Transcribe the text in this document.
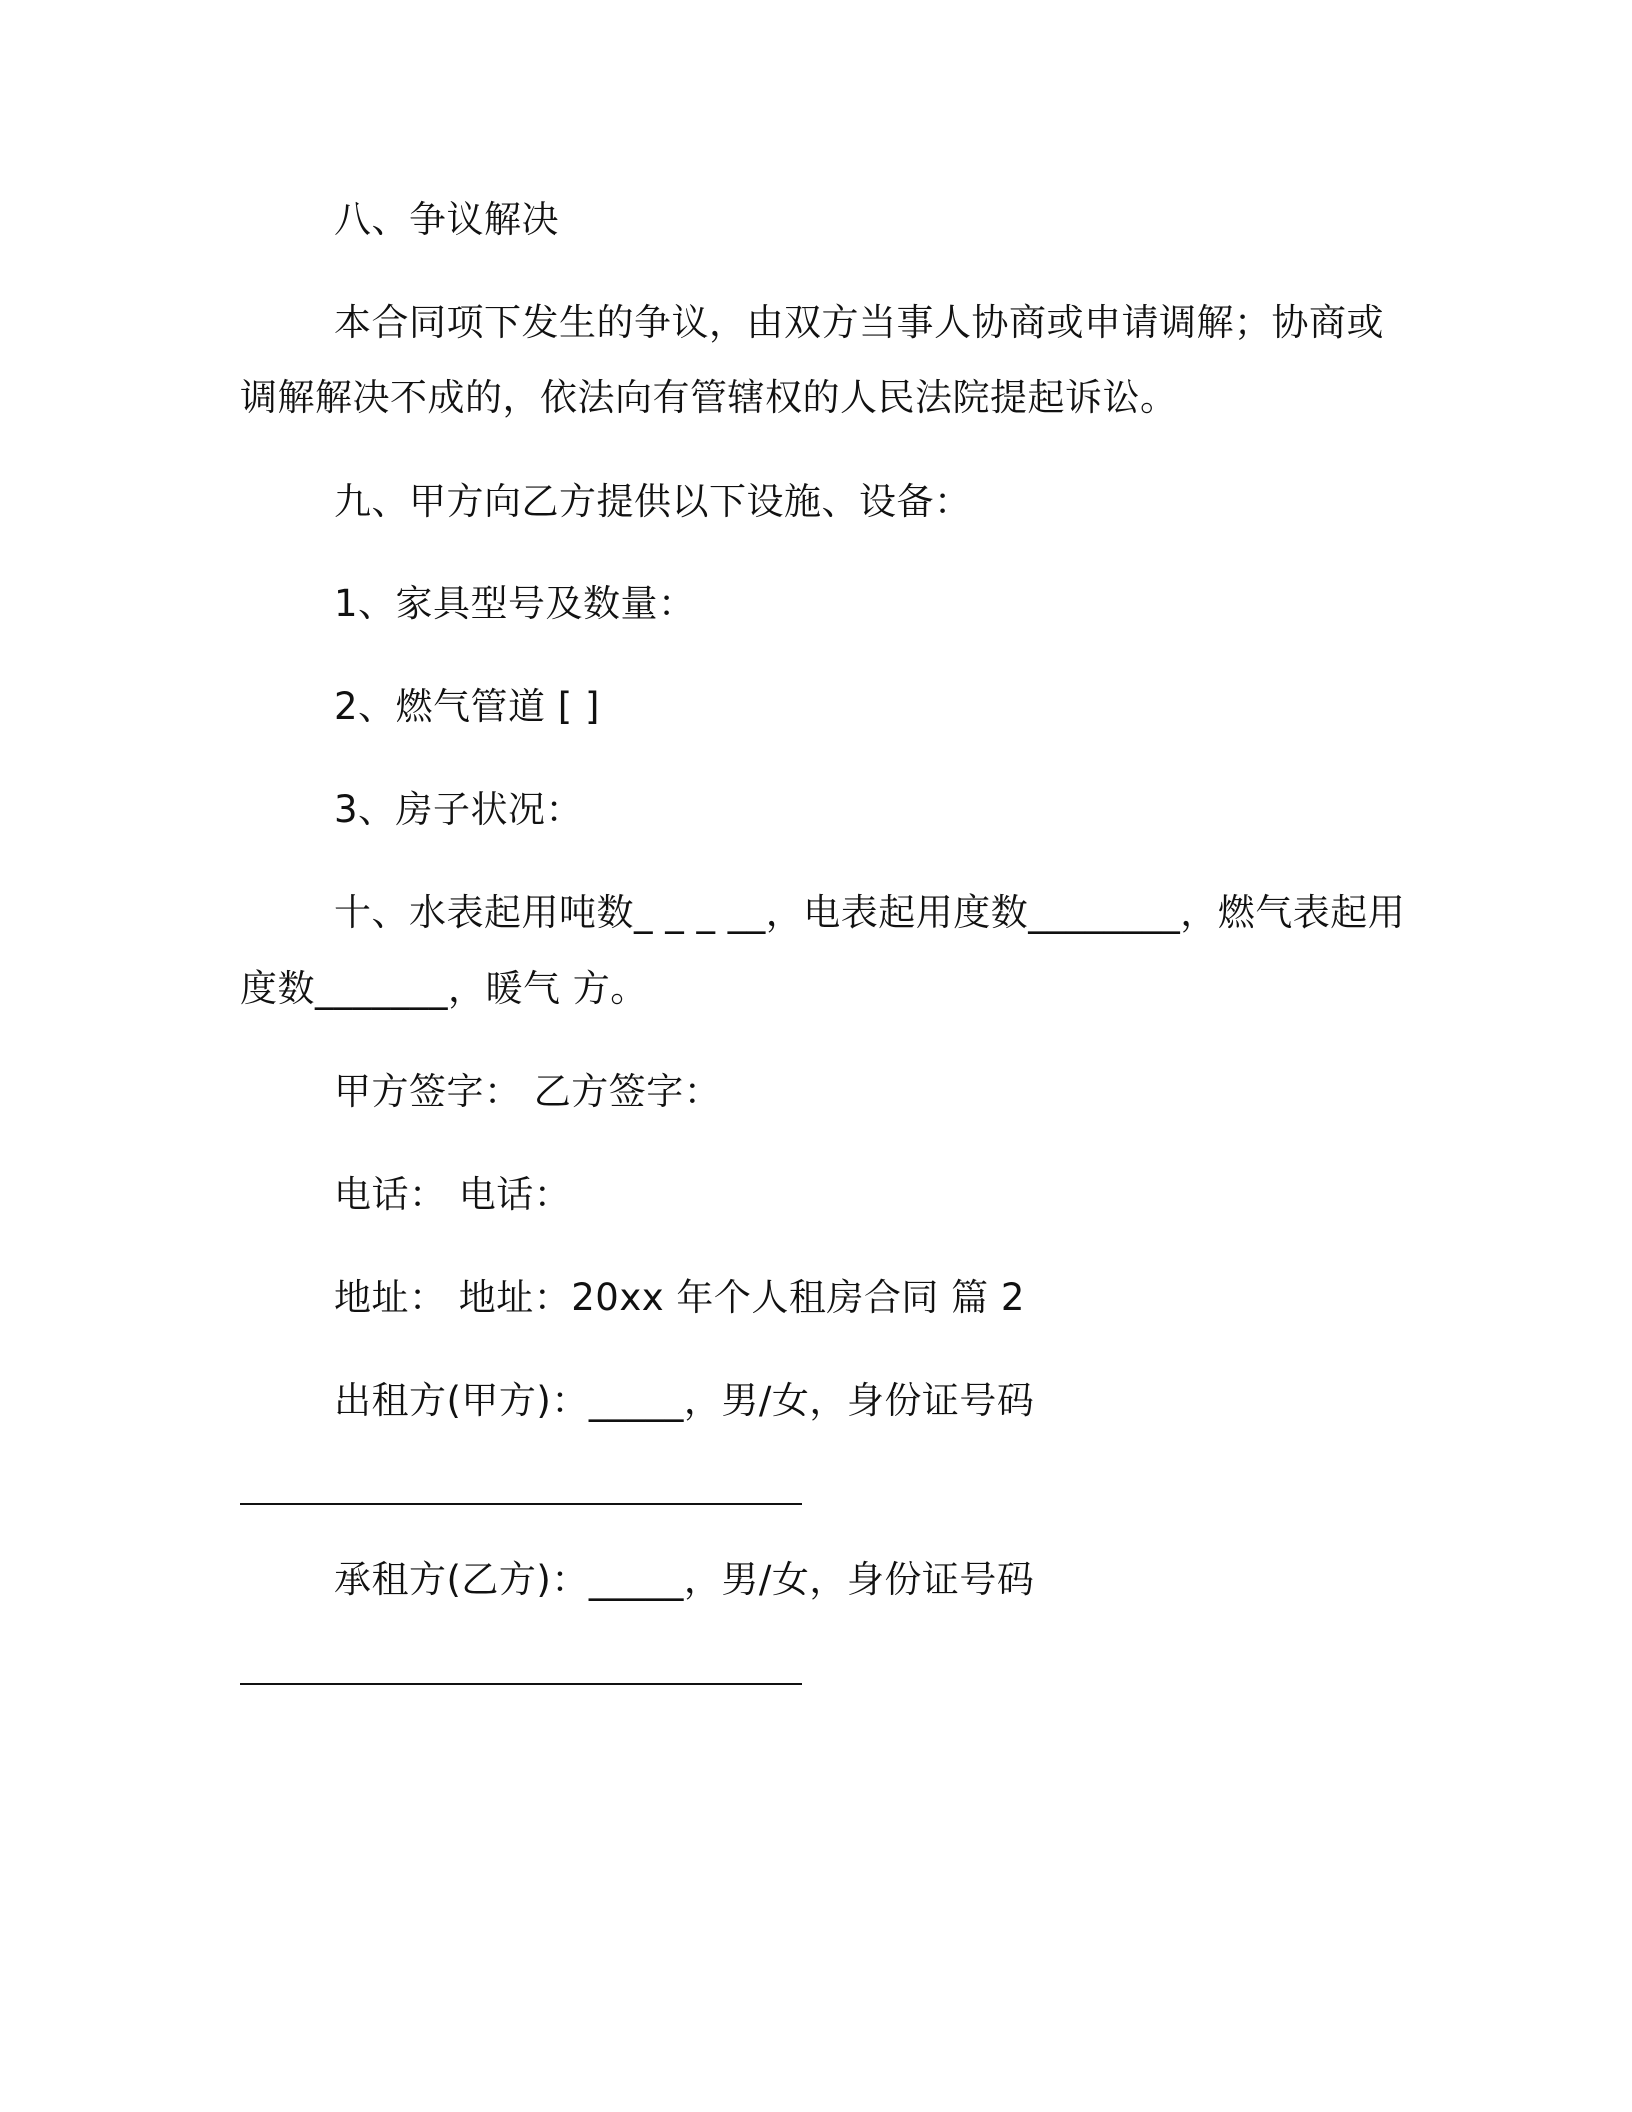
八、争议解决
本合同项下发生的争议，由双方当事人协商或申请调解；协商或
调解解决不成的，依法向有管辖权的人民法院提起诉讼。
九、甲方向乙方提供以下设施、设备：
1、家具型号及数量：
2、燃气管道 [ ]
3、房子状况：
十、水表起用吨数_ _ _ __，电表起用度数________，燃气表起用
度数_______，暖气 方。
甲方签字： 乙方签字：
电话： 电话：
地址： 地址：20xx 年个人租房合同 篇 2
出租方(甲方)：_____，男/女，身份证号码
承租方(乙方)：_____，男/女，身份证号码
